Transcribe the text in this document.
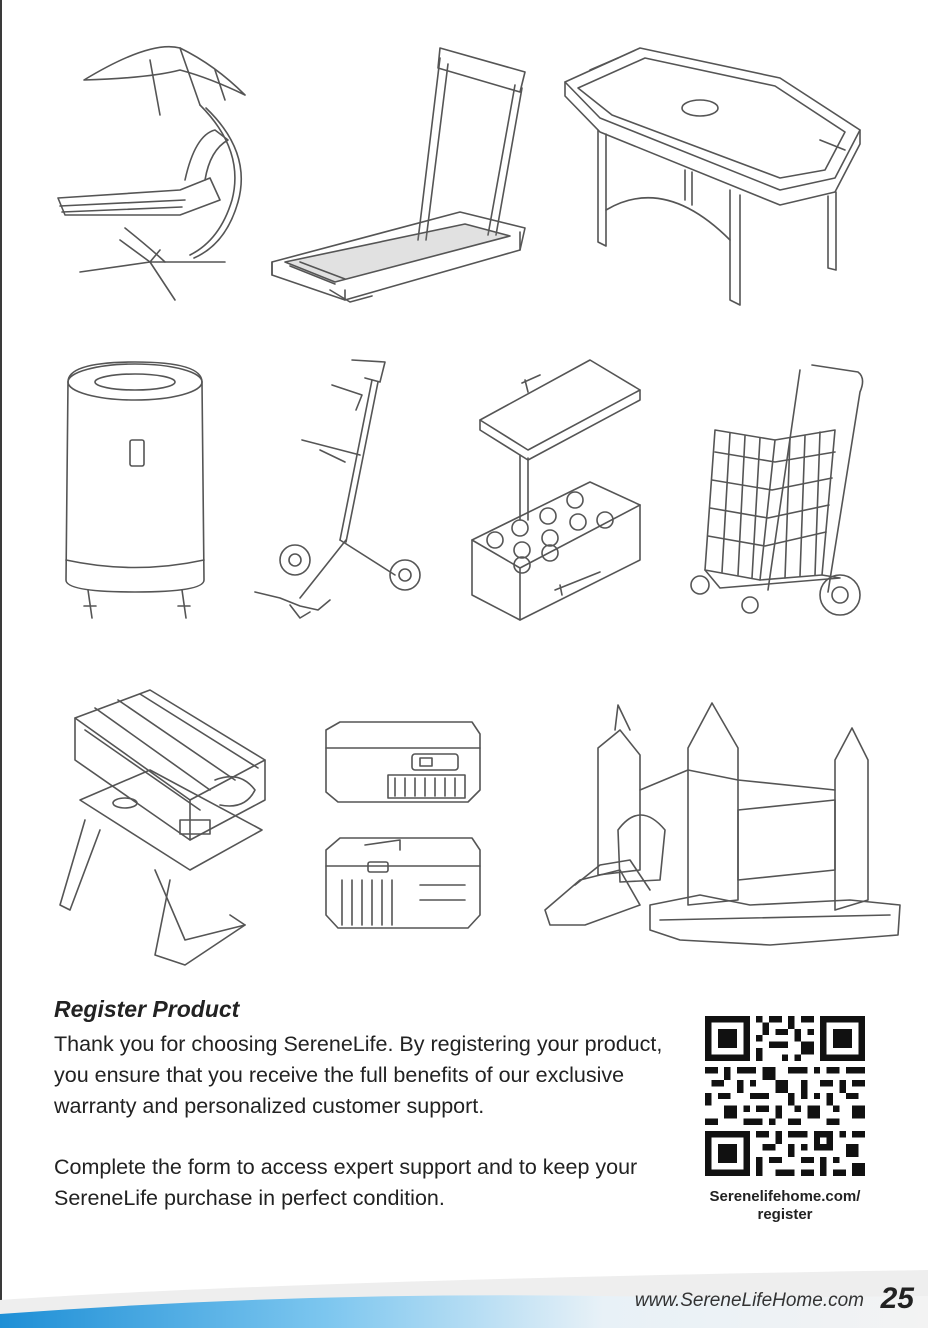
Register Product
Thank you for choosing SereneLife. By registering your product, you ensure that you receive the full benefits of our exclusive warranty and personalized customer support.
Complete the form to access expert support and to keep your SereneLife purchase in perfect condition.	Serenelifehome.com/
register
www.SereneLifeHome.com 25
